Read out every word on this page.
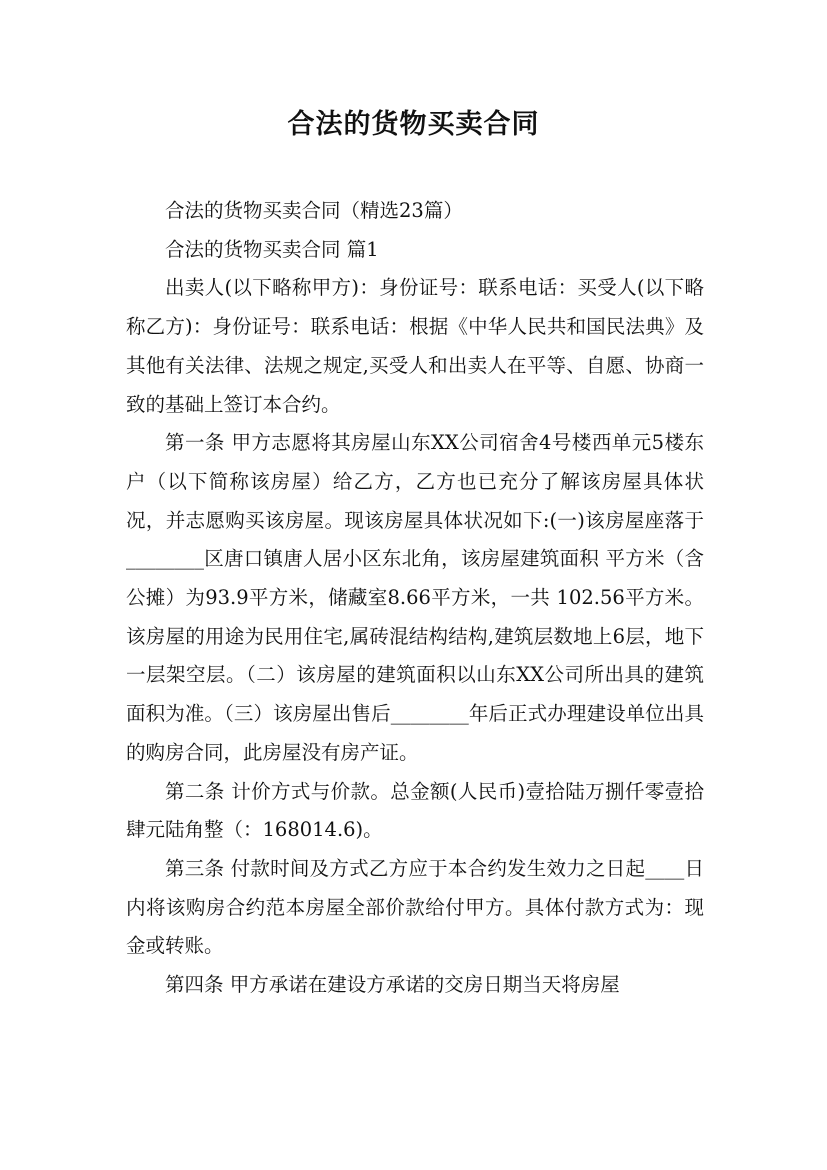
合法的货物买卖合同

合法的货物买卖合同（精选23篇）

合法的货物买卖合同 篇1

出卖人(以下略称甲方)：身份证号：联系电话：买受人(以下略称乙方)：身份证号：联系电话：根据《中华人民共和国民法典》及其他有关法律、法规之规定,买受人和出卖人在平等、自愿、协商一致的基础上签订本合约。

第一条 甲方志愿将其房屋山东XX公司宿舍4号楼西单元5楼东户（以下简称该房屋）给乙方，乙方也已充分了解该房屋具体状况，并志愿购买该房屋。现该房屋具体状况如下:(一)该房屋座落于________区唐口镇唐人居小区东北角，该房屋建筑面积 平方米（含公摊）为93.9平方米，储藏室8.66平方米，一共 102.56平方米。该房屋的用途为民用住宅,属砖混结构结构,建筑层数地上6层，地下一层架空层。（二）该房屋的建筑面积以山东XX公司所出具的建筑面积为准。（三）该房屋出售后________年后正式办理建设单位出具的购房合同，此房屋没有房产证。

第二条 计价方式与价款。总金额(人民币)壹拾陆万捌仟零壹拾肆元陆角整（：168014.6)。

第三条 付款时间及方式乙方应于本合约发生效力之日起____日内将该购房合约范本房屋全部价款给付甲方。具体付款方式为：现金或转账。

第四条 甲方承诺在建设方承诺的交房日期当天将房屋
